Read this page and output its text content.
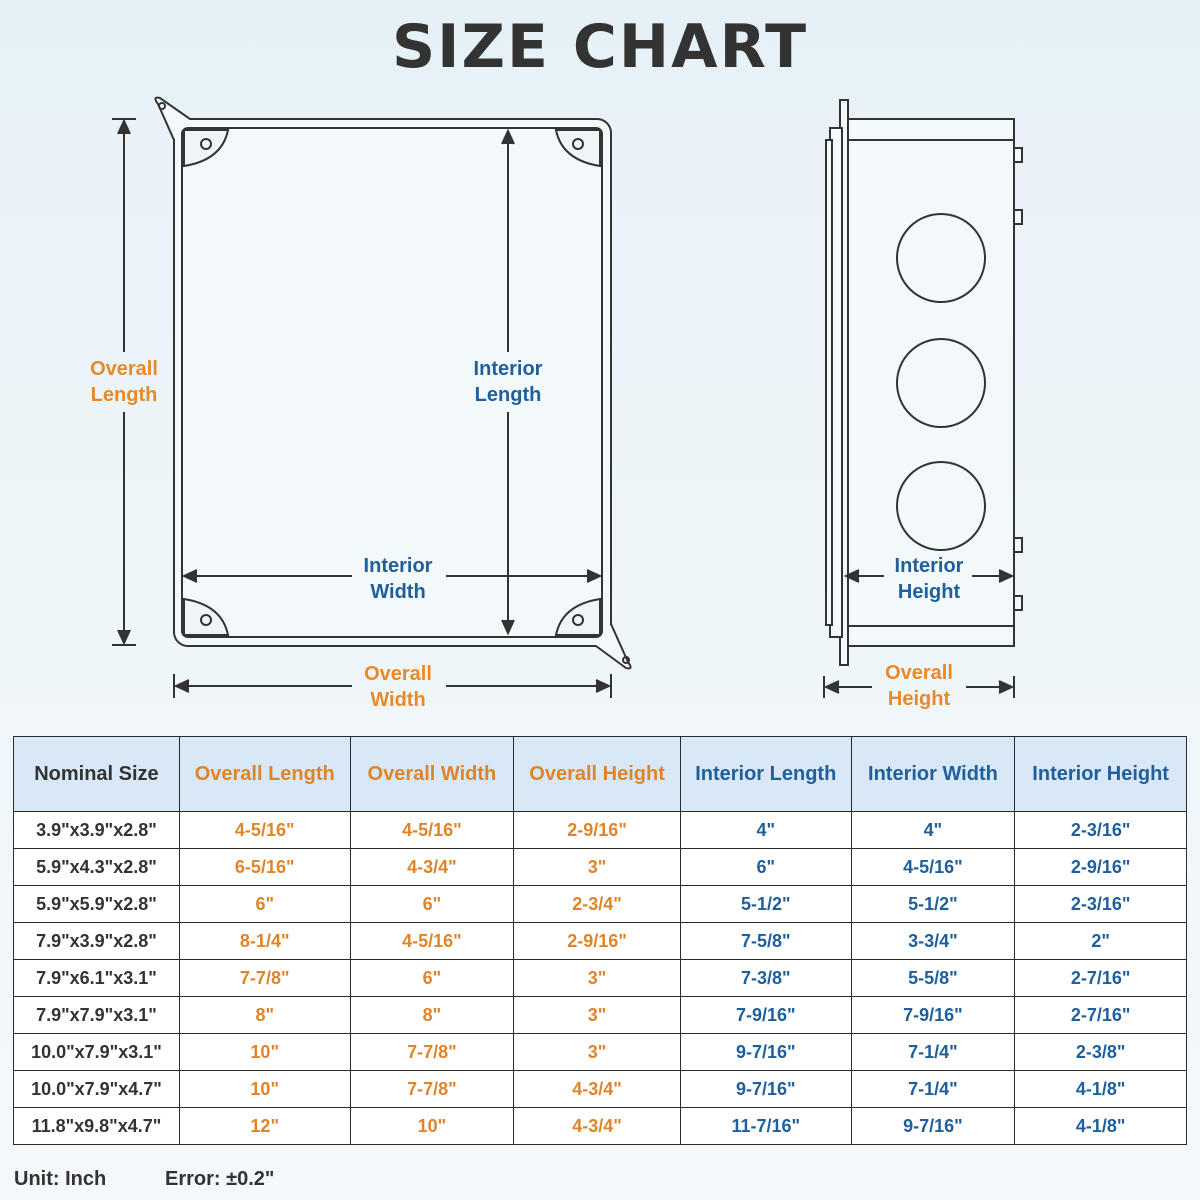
SIZE CHART
Overall
Length
Interior
Length
Interior
Width
Overall
Width
Interior
Height
Overall
Height
Nominal Size	Overall Length	Overall Width	Overall Height	Interior Length	Interior Width	Interior Height
3.9"x3.9"x2.8"	4-5/16"	4-5/16"	2-9/16"	4"	4"	2-3/16"
5.9"x4.3"x2.8"	6-5/16"	4-3/4"	3"	6"	4-5/16"	2-9/16"
5.9"x5.9"x2.8"	6"	6"	2-3/4"	5-1/2"	5-1/2"	2-3/16"
7.9"x3.9"x2.8"	8-1/4"	4-5/16"	2-9/16"	7-5/8"	3-3/4"	2"
7.9"x6.1"x3.1"	7-7/8"	6"	3"	7-3/8"	5-5/8"	2-7/16"
7.9"x7.9"x3.1"	8"	8"	3"	7-9/16"	7-9/16"	2-7/16"
10.0"x7.9"x3.1"	10"	7-7/8"	3"	9-7/16"	7-1/4"	2-3/8"
10.0"x7.9"x4.7"	10"	7-7/8"	4-3/4"	9-7/16"	7-1/4"	4-1/8"
11.8"x9.8"x4.7"	12"	10"	4-3/4"	11-7/16"	9-7/16"	4-1/8"
Unit: Inch	Error: ±0.2"
